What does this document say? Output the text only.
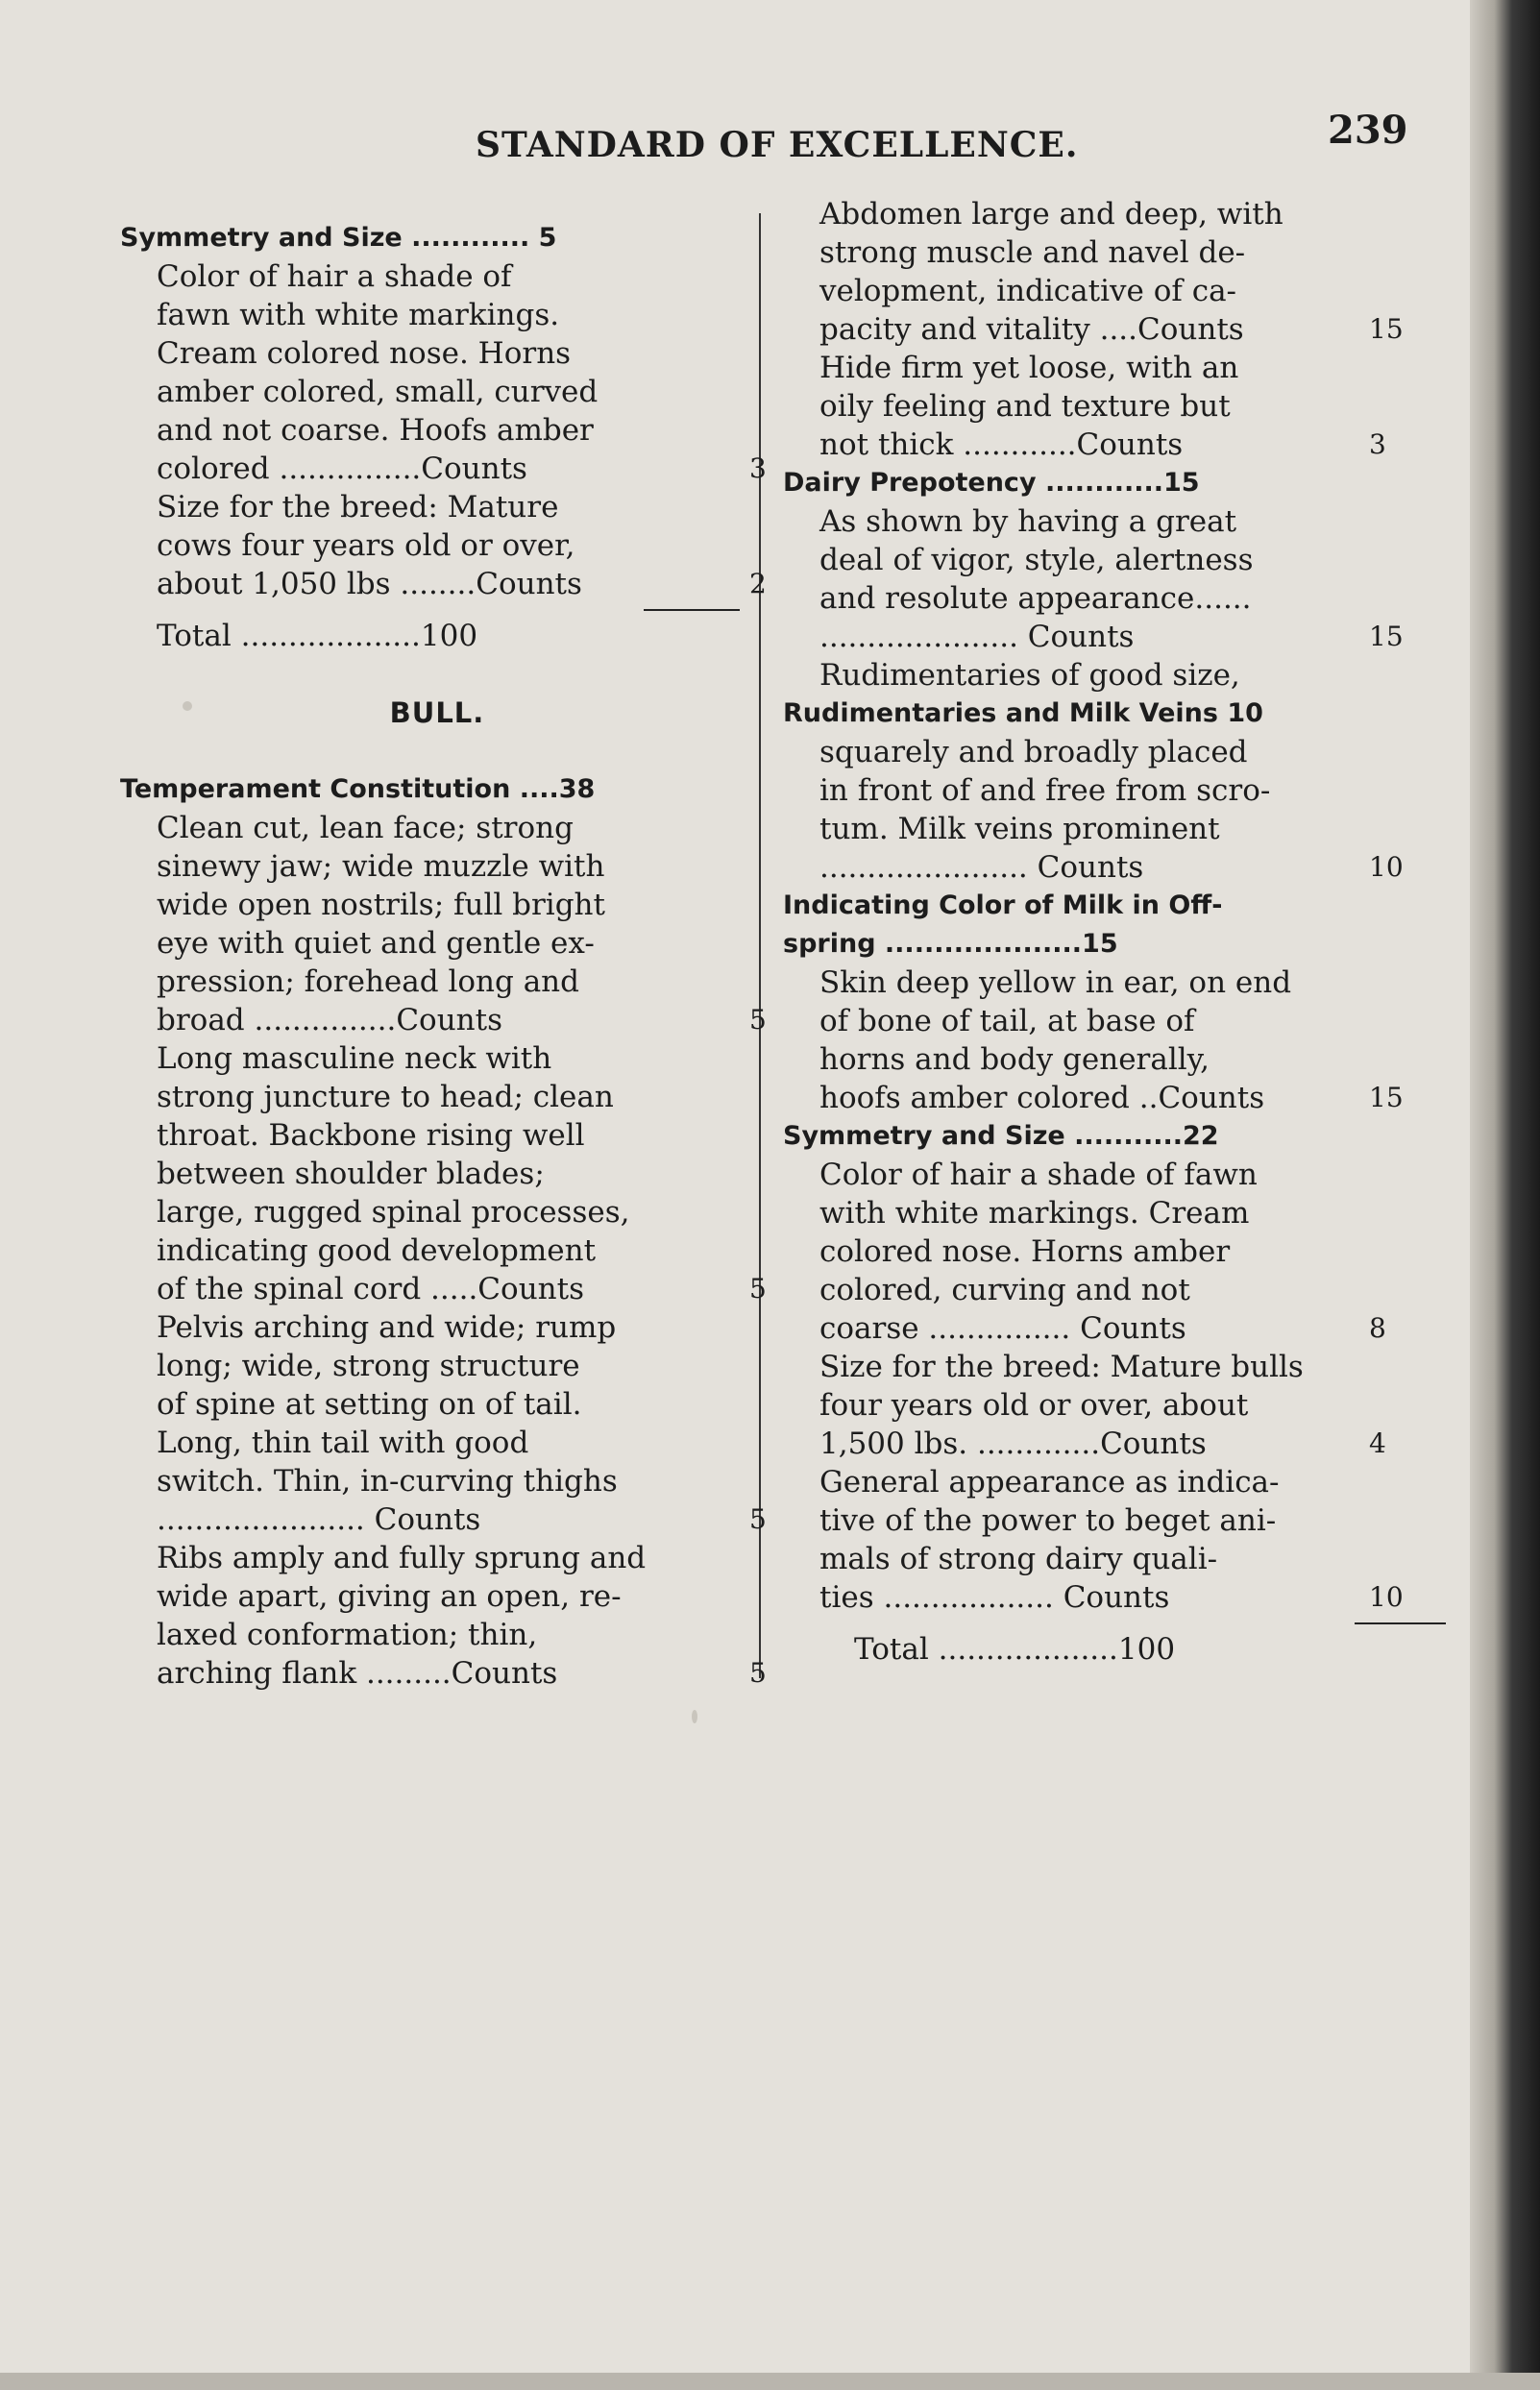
STANDARD OF EXCELLENCE.	239
Symmetry and Size ............ 5
Color of hair a shade of
fawn with white markings.
Cream colored nose. Horns
amber colored, small, curved
and not coarse. Hoofs amber
colored ...............Counts	3
Size for the breed: Mature
cows four years old or over,
about 1,050 lbs ........Counts	2
Total ...................100
BULL.
Temperament Constitution ....38
Clean cut, lean face; strong
sinewy jaw; wide muzzle with
wide open nostrils; full bright
eye with quiet and gentle ex-
pression; forehead long and
broad ...............Counts	5
Long masculine neck with
strong juncture to head; clean
throat. Backbone rising well
between shoulder blades;
large, rugged spinal processes,
indicating good development
of the spinal cord .....Counts	5
Pelvis arching and wide; rump
long; wide, strong structure
of spine at setting on of tail.
Long, thin tail with good
switch. Thin, in-curving thighs
...................... Counts	5
Ribs amply and fully sprung and
wide apart, giving an open, re-
laxed conformation; thin,
arching flank .........Counts	5
Abdomen large and deep, with
strong muscle and navel de-
velopment, indicative of ca-
pacity and vitality ....Counts	15
Hide firm yet loose, with an
oily feeling and texture but
not thick ............Counts	3
Dairy Prepotency ............15
As shown by having a great
deal of vigor, style, alertness
and resolute appearance......
..................... Counts	15
Rudimentaries of good size,
Rudimentaries and Milk Veins 10
squarely and broadly placed
in front of and free from scro-
tum. Milk veins prominent
...................... Counts	10
Indicating Color of Milk in Off-
spring ....................15
Skin deep yellow in ear, on end
of bone of tail, at base of
horns and body generally,
hoofs amber colored ..Counts	15
Symmetry and Size ...........22
Color of hair a shade of fawn
with white markings. Cream
colored nose. Horns amber
colored, curving and not
coarse ............... Counts	8
Size for the breed: Mature bulls
four years old or over, about
1,500 lbs. .............Counts	4
General appearance as indica-
tive of the power to beget ani-
mals of strong dairy quali-
ties .................. Counts	10
Total ...................100
